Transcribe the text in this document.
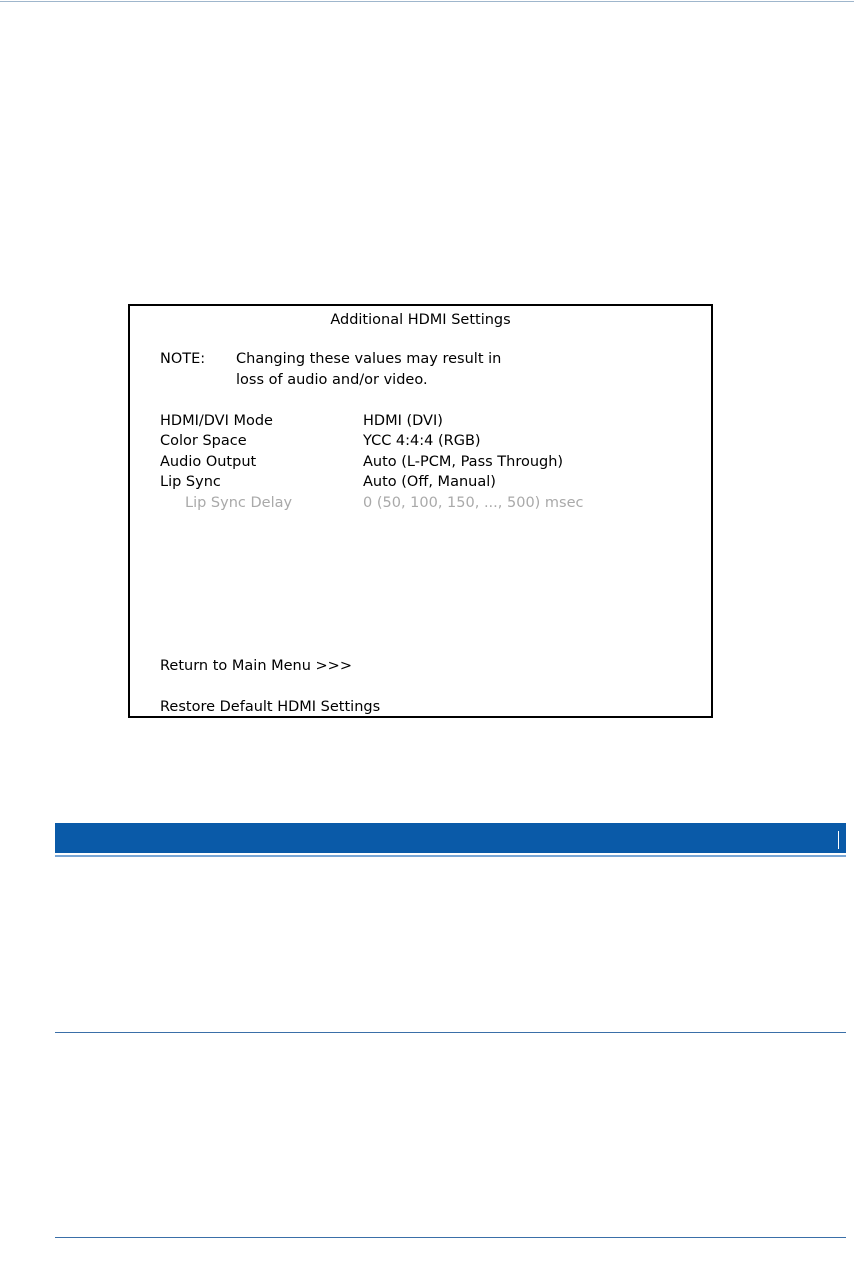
Additional HDMI Settings
NOTE: Changing these values may result in
loss of audio and/or video.
HDMI/DVI Mode	HDMI (DVI)
Color Space	YCC 4:4:4 (RGB)
Audio Output	Auto (L-PCM, Pass Through)
Lip Sync	Auto (Off, Manual)
Lip Sync Delay	0 (50, 100, 150, ..., 500) msec
Return to Main Menu >>>
Restore Default HDMI Settings
